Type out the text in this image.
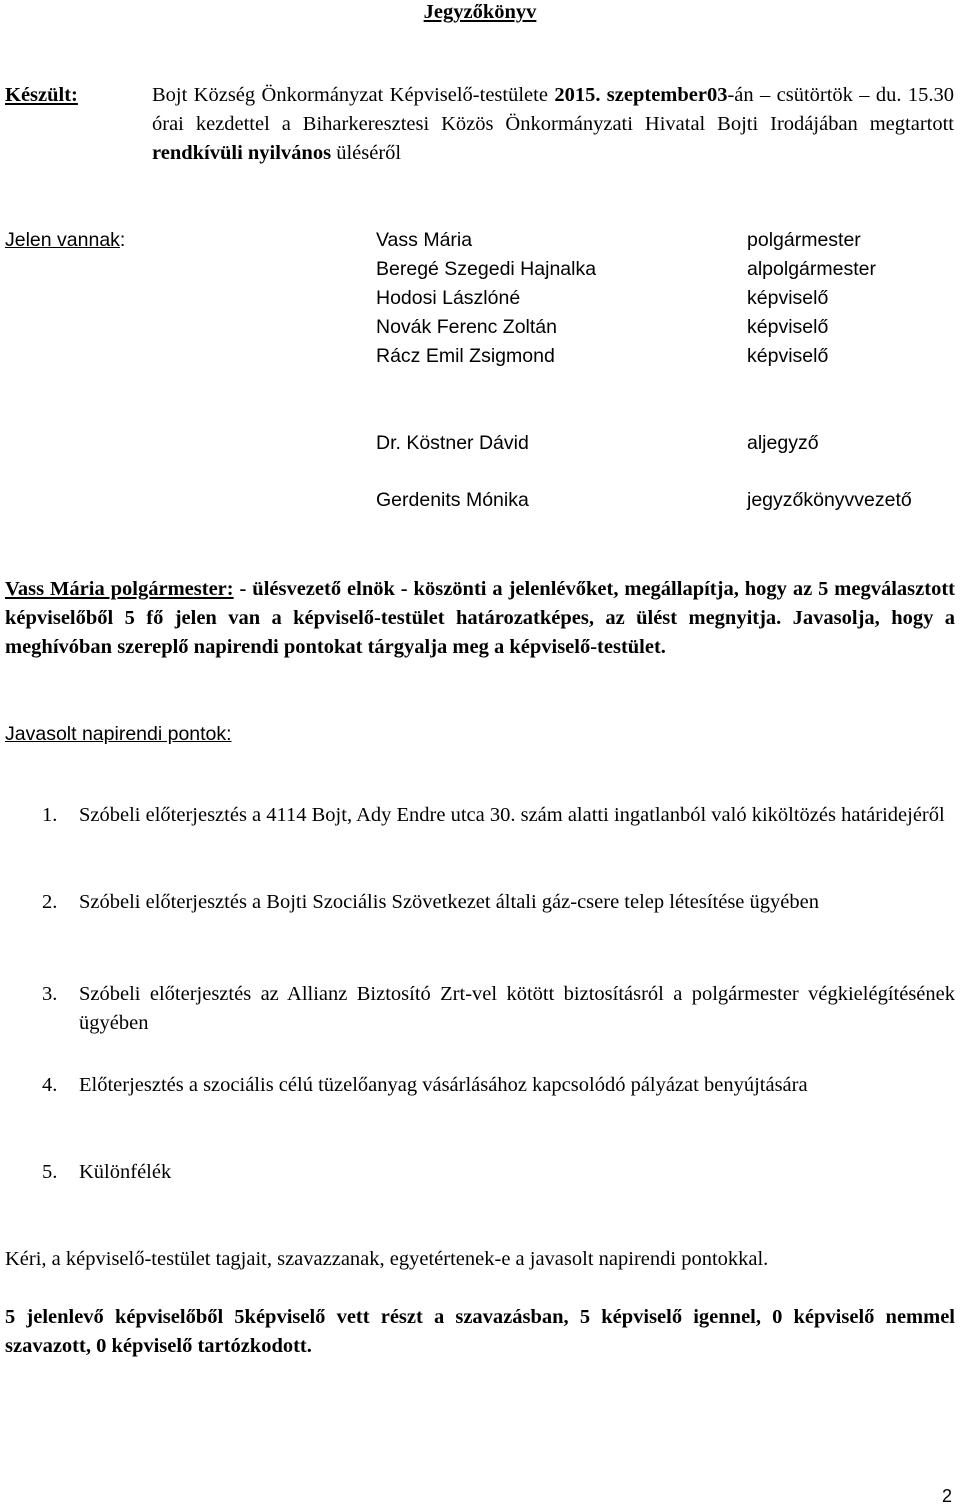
Jegyzőkönyv
Készült:	Bojt Község Önkormányzat Képviselő-testülete 2015. szeptember03-án – csütörtök – du. 15.30 órai kezdettel a Biharkeresztesi Közös Önkormányzati Hivatal Bojti Irodájában megtartott rendkívüli nyilvános üléséről
Jelen vannak:	Vass Mária	polgármester
Beregé Szegedi Hajnalka	alpolgármester
Hodosi Lászlóné	képviselő
Novák Ferenc Zoltán	képviselő
Rácz Emil Zsigmond	képviselő
Dr. Köstner Dávid	aljegyző
Gerdenits Mónika	jegyzőkönyvvezető
Vass Mária polgármester: - ülésvezető elnök - köszönti a jelenlévőket, megállapítja, hogy az 5 megválasztott képviselőből 5 fő jelen van a képviselő-testület határozatképes, az ülést megnyitja. Javasolja, hogy a meghívóban szereplő napirendi pontokat tárgyalja meg a képviselő-testület.
Javasolt napirendi pontok:
1. Szóbeli előterjesztés a 4114 Bojt, Ady Endre utca 30. szám alatti ingatlanból való kiköltözés határidejéről
2. Szóbeli előterjesztés a Bojti Szociális Szövetkezet általi gáz-csere telep létesítése ügyében
3. Szóbeli előterjesztés az Allianz Biztosító Zrt-vel kötött biztosításról a polgármester végkielégítésének ügyében
4. Előterjesztés a szociális célú tüzelőanyag vásárlásához kapcsolódó pályázat benyújtására
5. Különfélék
Kéri, a képviselő-testület tagjait, szavazzanak, egyetértenek-e a javasolt napirendi pontokkal.
5 jelenlevő képviselőből 5képviselő vett részt a szavazásban, 5 képviselő igennel, 0 képviselő nemmel szavazott, 0 képviselő tartózkodott.
2
